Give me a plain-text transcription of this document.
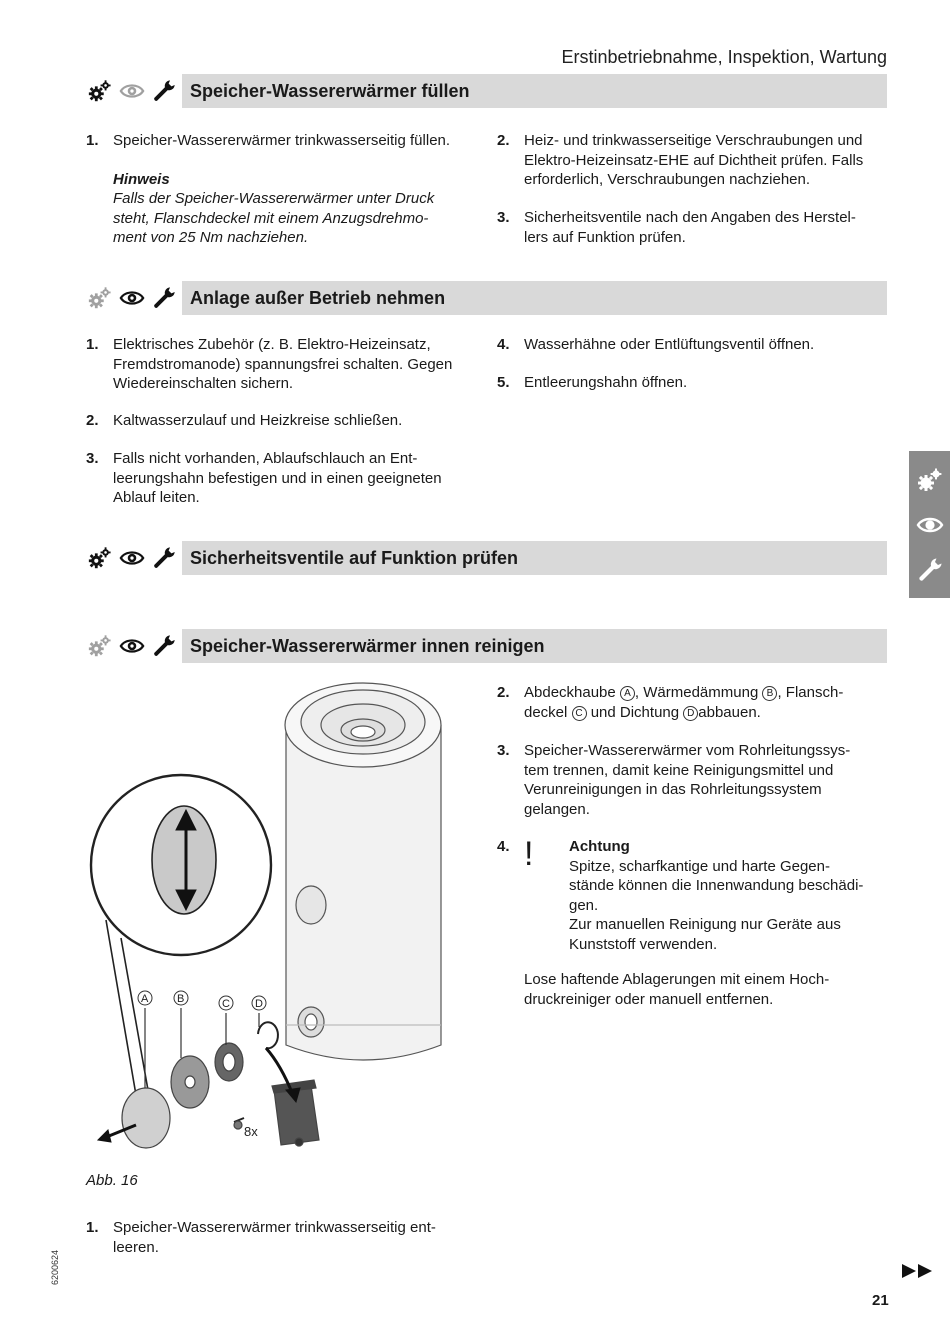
Erstinbetriebnahme, Inspektion, Wartung
Speicher-Wassererwärmer füllen
1. Speicher-Wassererwärmer trinkwasserseitig füllen.
Hinweis
Falls der Speicher-Wassererwärmer unter Druck
steht, Flanschdeckel mit einem Anzugsdrehmo-
ment von 25 Nm nachziehen.
2. Heiz- und trinkwasserseitige Verschraubungen und
Elektro-Heizeinsatz-EHE auf Dichtheit prüfen. Falls
erforderlich, Verschraubungen nachziehen.
3. Sicherheitsventile nach den Angaben des Herstel-
lers auf Funktion prüfen.
Anlage außer Betrieb nehmen
1. Elektrisches Zubehör (z. B. Elektro-Heizeinsatz,
Fremdstromanode) spannungsfrei schalten. Gegen
Wiedereinschalten sichern.
2. Kaltwasserzulauf und Heizkreise schließen.
3. Falls nicht vorhanden, Ablaufschlauch an Ent-
leerungshahn befestigen und in einen geeigneten
Ablauf leiten.
4. Wasserhähne oder Entlüftungsventil öffnen.
5. Entleerungshahn öffnen.
Sicherheitsventile auf Funktion prüfen
Speicher-Wassererwärmer innen reinigen
A	B	C D
8x
Abb. 16
2. Abdeckhaube A , Wärmedämmung B , Flansch-
deckel C und Dichtung D abbauen.
3. Speicher-Wassererwärmer vom Rohrleitungssys-
tem trennen, damit keine Reinigungsmittel und
Verunreinigungen in das Rohrleitungssystem
gelangen.
4. ! Achtung
Spitze, scharfkantige und harte Gegen-
stände können die Innenwandung beschädi-
gen.
Zur manuellen Reinigung nur Geräte aus
Kunststoff verwenden.
Lose haftende Ablagerungen mit einem Hoch-
druckreiniger oder manuell entfernen.
1. Speicher-Wassererwärmer trinkwasserseitig ent-
leeren.
6200624
21
